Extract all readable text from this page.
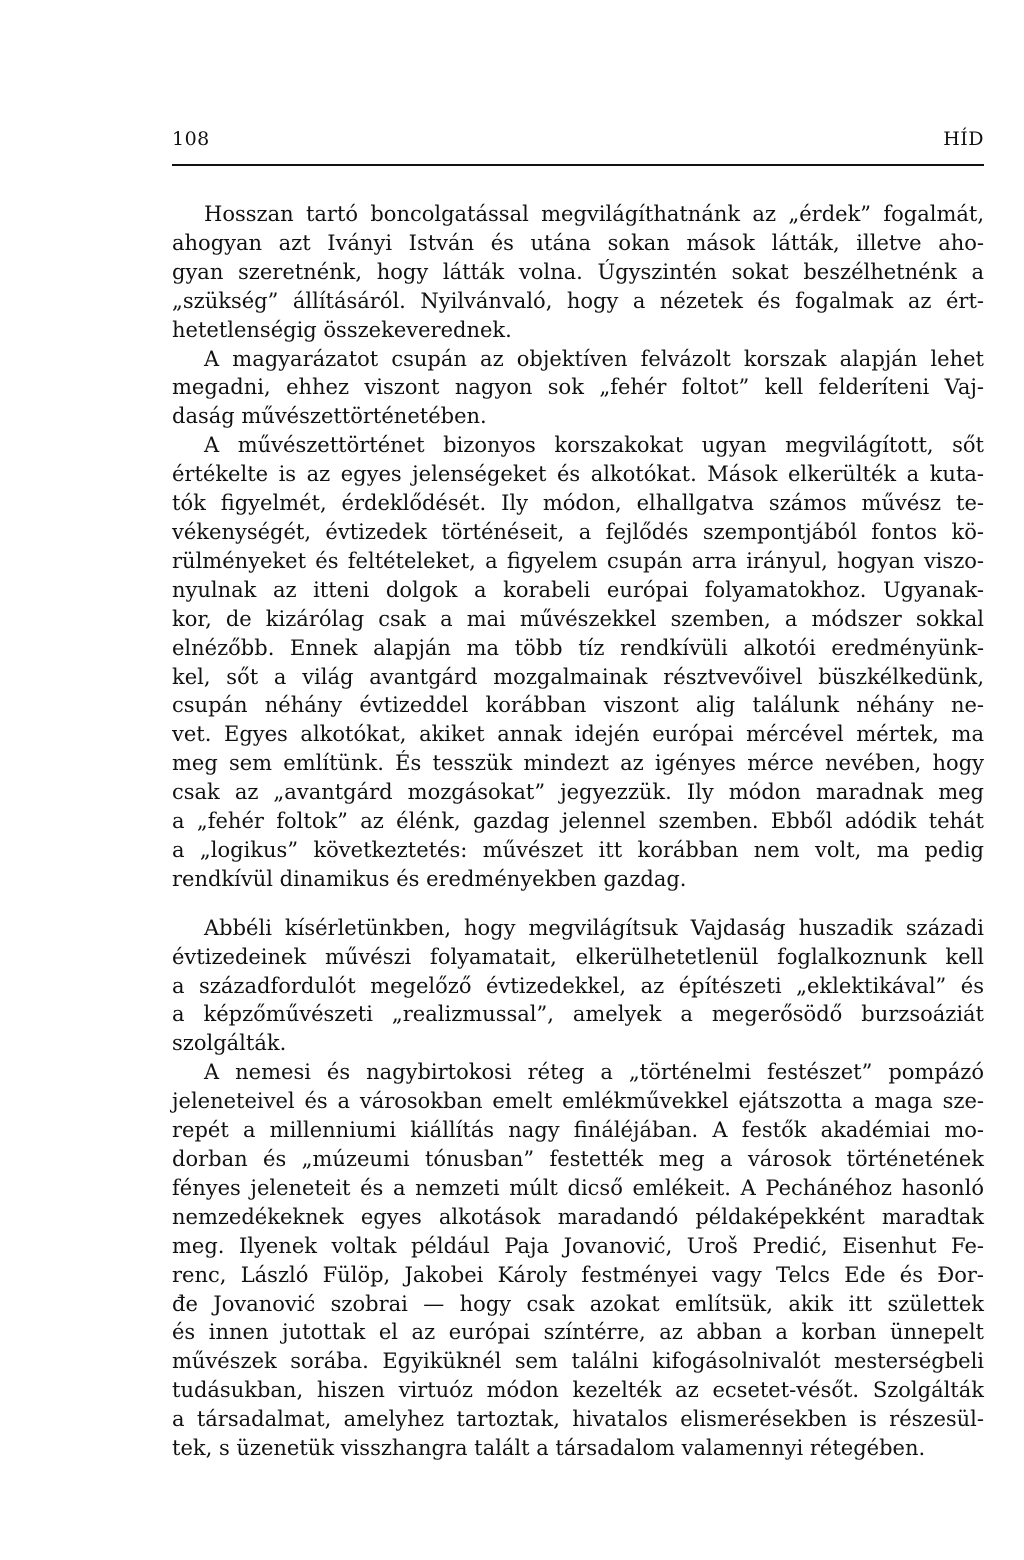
108	HÍD
Hosszan tartó boncolgatással megvilágíthatnánk az „érdek” fogalmát,
ahogyan azt Iványi István és utána sokan mások látták, illetve aho-
gyan szeretnénk, hogy látták volna. Úgyszintén sokat beszélhetnénk a
„szükség” állításáról. Nyilvánvaló, hogy a nézetek és fogalmak az ért-
hetetlenségig összekeverednek.
A magyarázatot csupán az objektíven felvázolt korszak alapján lehet
megadni, ehhez viszont nagyon sok „fehér foltot” kell felderíteni Vaj-
daság művészettörténetében.
A művészettörténet bizonyos korszakokat ugyan megvilágított, sőt
értékelte is az egyes jelenségeket és alkotókat. Mások elkerülték a kuta-
tók figyelmét, érdeklődését. Ily módon, elhallgatva számos művész te-
vékenységét, évtizedek történéseit, a fejlődés szempontjából fontos kö-
rülményeket és feltételeket, a figyelem csupán arra irányul, hogyan viszo-
nyulnak az itteni dolgok a korabeli európai folyamatokhoz. Ugyanak-
kor, de kizárólag csak a mai művészekkel szemben, a módszer sokkal
elnézőbb. Ennek alapján ma több tíz rendkívüli alkotói eredményünk-
kel, sőt a világ avantgárd mozgalmainak résztvevőivel büszkélkedünk,
csupán néhány évtizeddel korábban viszont alig találunk néhány ne-
vet. Egyes alkotókat, akiket annak idején európai mércével mértek, ma
meg sem említünk. És tesszük mindezt az igényes mérce nevében, hogy
csak az „avantgárd mozgásokat” jegyezzük. Ily módon maradnak meg
a „fehér foltok” az élénk, gazdag jelennel szemben. Ebből adódik tehát
a „logikus” következtetés: művészet itt korábban nem volt, ma pedig
rendkívül dinamikus és eredményekben gazdag.
Abbéli kísérletünkben, hogy megvilágítsuk Vajdaság huszadik századi
évtizedeinek művészi folyamatait, elkerülhetetlenül foglalkoznunk kell
a századfordulót megelőző évtizedekkel, az építészeti „eklektikával” és
a képzőművészeti „realizmussal”, amelyek a megerősödő burzsoáziát
szolgálták.
A nemesi és nagybirtokosi réteg a „történelmi festészet” pompázó
jeleneteivel és a városokban emelt emlékművekkel ejátszotta a maga sze-
repét a millenniumi kiállítás nagy fináléjában. A festők akadémiai mo-
dorban és „múzeumi tónusban” festették meg a városok történetének
fényes jeleneteit és a nemzeti múlt dicső emlékeit. A Pechánéhoz hasonló
nemzedékeknek egyes alkotások maradandó példaképekként maradtak
meg. Ilyenek voltak például Paja Jovanović, Uroš Predić, Eisenhut Fe-
renc, László Fülöp, Jakobei Károly festményei vagy Telcs Ede és Đor-
đe Jovanović szobrai — hogy csak azokat említsük, akik itt születtek
és innen jutottak el az európai színtérre, az abban a korban ünnepelt
művészek sorába. Egyiküknél sem találni kifogásolnivalót mesterségbeli
tudásukban, hiszen virtuóz módon kezelték az ecsetet-vésőt. Szolgálták
a társadalmat, amelyhez tartoztak, hivatalos elismerésekben is részesül-
tek, s üzenetük visszhangra talált a társadalom valamennyi rétegében.
